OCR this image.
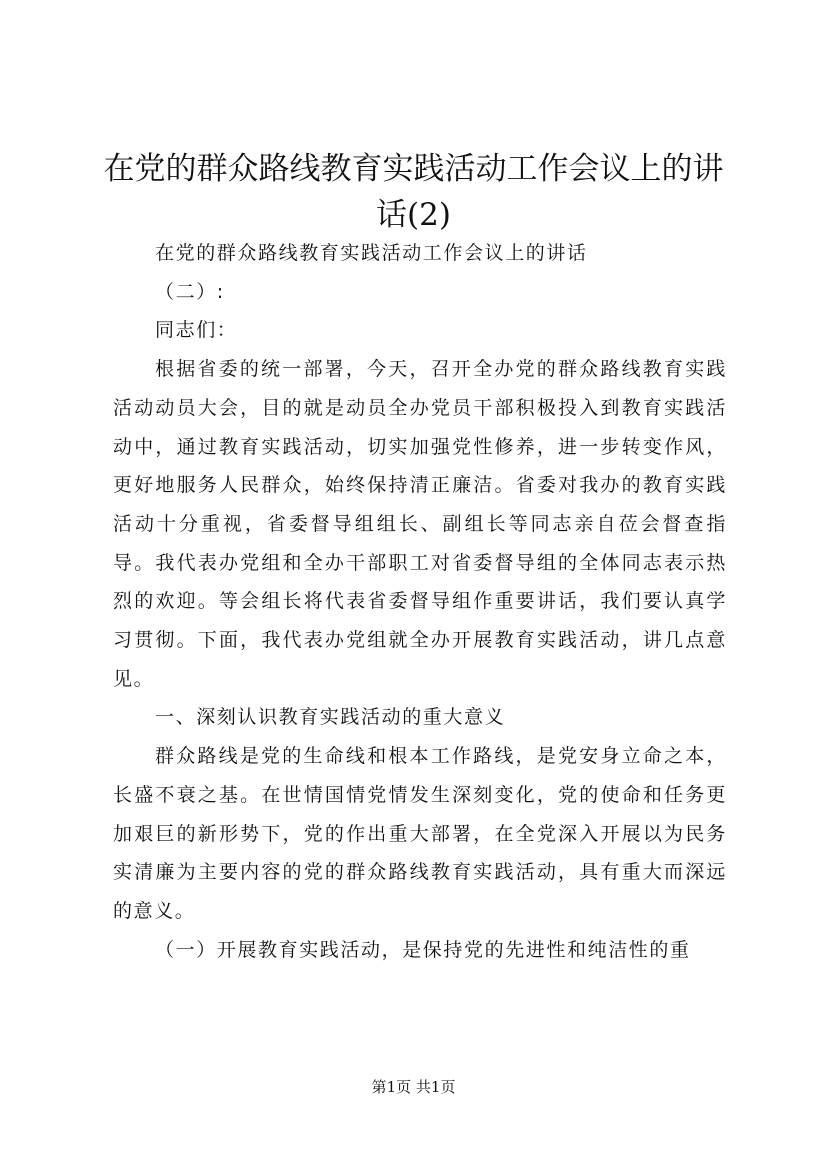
在党的群众路线教育实践活动工作会议上的讲话(2)

在党的群众路线教育实践活动工作会议上的讲话

（二）:

同志们：

根据省委的统一部署，今天，召开全办党的群众路线教育实践活动动员大会，目的就是动员全办党员干部积极投入到教育实践活动中，通过教育实践活动，切实加强党性修养，进一步转变作风，更好地服务人民群众，始终保持清正廉洁。省委对我办的教育实践活动十分重视，省委督导组组长、副组长等同志亲自莅会督查指导。我代表办党组和全办干部职工对省委督导组的全体同志表示热烈的欢迎。等会组长将代表省委督导组作重要讲话，我们要认真学习贯彻。下面，我代表办党组就全办开展教育实践活动，讲几点意见。

一、深刻认识教育实践活动的重大意义

群众路线是党的生命线和根本工作路线，是党安身立命之本，长盛不衰之基。在世情国情党情发生深刻变化，党的使命和任务更加艰巨的新形势下，党的作出重大部署，在全党深入开展以为民务实清廉为主要内容的党的群众路线教育实践活动，具有重大而深远的意义。

（一）开展教育实践活动，是保持党的先进性和纯洁性的重

第1页 共1页
